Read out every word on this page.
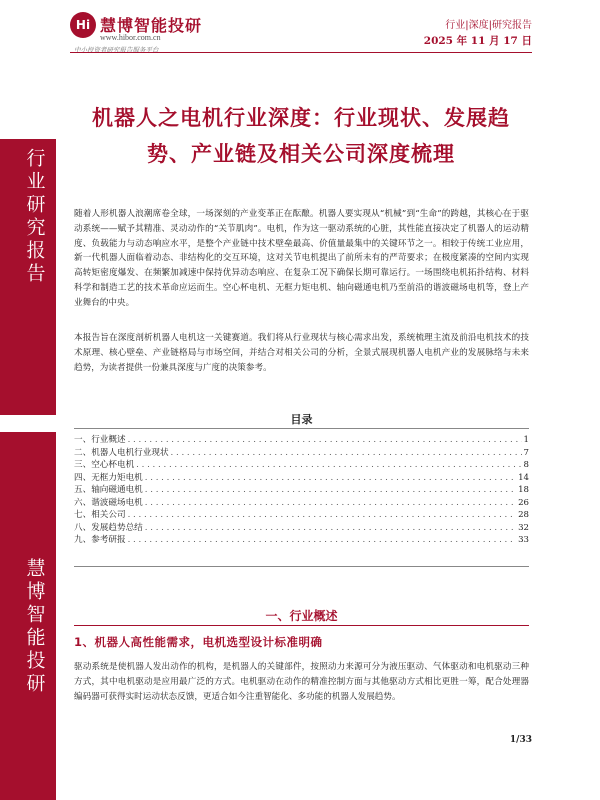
行业研究报告
慧博智能投研
Hi 慧博智能投研
www.hibor.com.cn
中小投资者研究报告服务平台
行业|深度|研究报告
2025 年 11 月 17 日
机器人之电机行业深度：行业现状、发展趋
势、产业链及相关公司深度梳理
随着人形机器人浪潮席卷全球，一场深刻的产业变革正在酝酿。机器人要实现从“机械”到“生命”的跨越，其核心在于驱动系统——赋予其精准、灵动动作的“关节肌肉”。电机，作为这一驱动系统的心脏，其性能直接决定了机器人的运动精度、负载能力与动态响应水平，是整个产业链中技术壁垒最高、价值量最集中的关键环节之一。相较于传统工业应用，新一代机器人面临着动态、非结构化的交互环境，这对关节电机提出了前所未有的严苛要求；在极度紧凑的空间内实现高转矩密度爆发、在频繁加减速中保持优异动态响应、在复杂工况下确保长期可靠运行。一场围绕电机拓扑结构、材料科学和制造工艺的技术革命应运而生。空心杯电机、无框力矩电机、轴向磁通电机乃至前沿的谐波磁场电机等，登上产业舞台的中央。
本报告旨在深度剖析机器人电机这一关键赛道。我们将从行业现状与核心需求出发，系统梳理主流及前沿电机技术的技术原理、核心壁垒、产业链格局与市场空间，并结合对相关公司的分析，全景式展现机器人电机产业的发展脉络与未来趋势，为读者提供一份兼具深度与广度的决策参考。
目录
一、行业概述 . . .	1
二、机器人电机行业现状 . . .	7
三、空心杯电机 . . .	8
四、无框力矩电机 . . .	14
五、轴向磁通电机 . . .	18
六、谐波磁场电机 . . .	26
七、相关公司 . . .	28
八、发展趋势总结 . . .	32
九、参考研报 . . .	33
一、行业概述
1、机器人高性能需求，电机选型设计标准明确
驱动系统是使机器人发出动作的机构，是机器人的关键部件，按照动力来源可分为液压驱动、气体驱动和电机驱动三种方式，其中电机驱动是应用最广泛的方式。电机驱动在动作的精准控制方面与其他驱动方式相比更胜一筹，配合处理器编码器可获得实时运动状态反馈，更适合如今注重智能化、多功能的机器人发展趋势。
1/33
